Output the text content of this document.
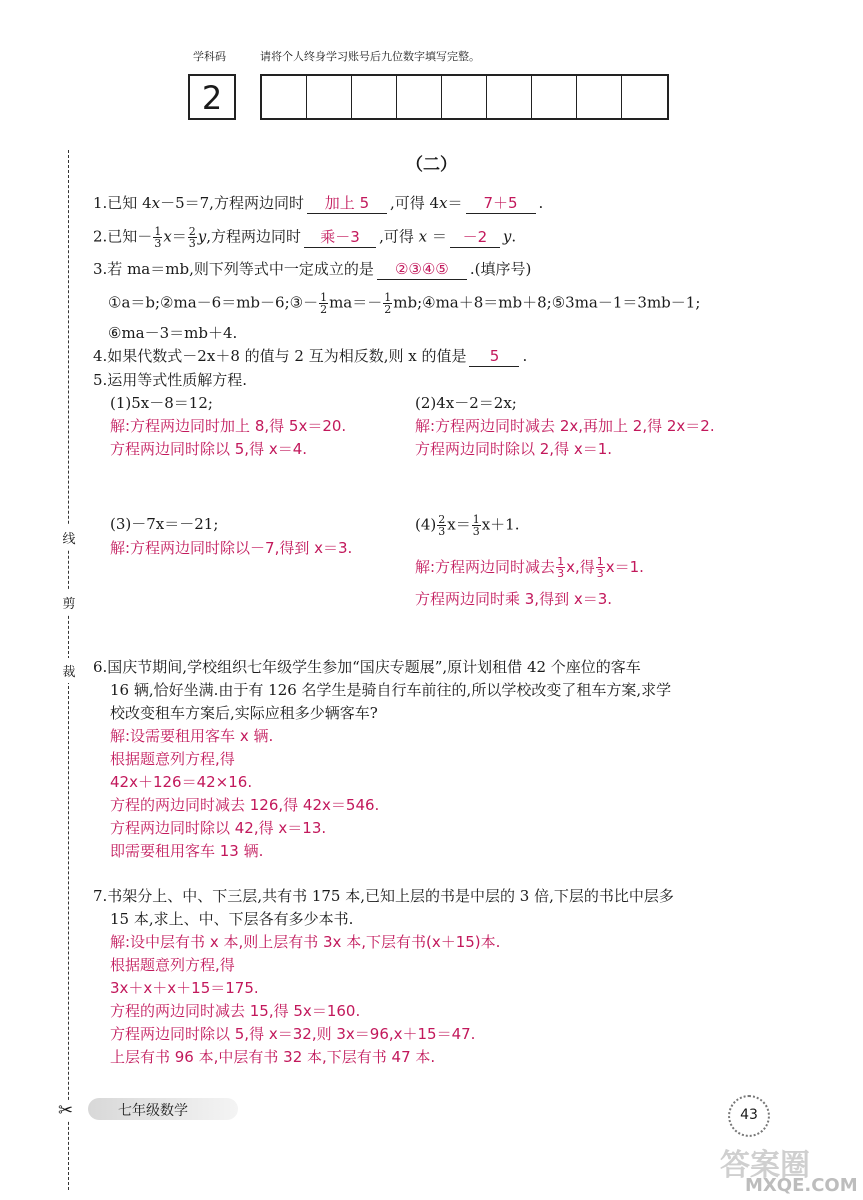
学科码	请将个人终身学习账号后九位数字填写完整。
2
线
剪
裁
✂
（二）
1.已知 4x－5＝7,方程两边同时 加上 5 ,可得 4x＝ 7＋5 .
2.已知－ $\frac{1}{3} x= \frac{2}{3} y$,方程两边同时 乘－3 ,可得 x ＝ －2 y.
3.若 ma＝mb,则下列等式中一定成立的是 ②③④⑤ .(填序号)
①a＝b;②ma－6＝mb－6;③－ $\frac{1}{2} ma=- \frac{1}{2}$ mb;④ma＋8＝mb＋8;⑤3ma－1＝3mb－1;
⑥ma－3＝mb＋4.
4.如果代数式－2x＋8 的值与 2 互为相反数,则 x 的值是 5 .
5.运用等式性质解方程.
(1)5x－8＝12;
解:方程两边同时加上 8,得 5x＝20.
方程两边同时除以 5,得 x＝4.
(2)4x－2＝2x;
解:方程两边同时减去 2x,再加上 2,得 2x＝2.
方程两边同时除以 2,得 x＝1.
(3)－7x＝－21;
解:方程两边同时除以－7,得到 x＝3.
$(4) \frac{2}{3} x= \frac{1}{3} x+1$.
解:方程两边同时减去 $\frac{1}{3} x$,得 $\frac{1}{3} x=1$.
方程两边同时乘 3,得到 x＝3.
6.国庆节期间,学校组织七年级学生参加“国庆专题展”,原计划租借 42 个座位的客车
16 辆,恰好坐满.由于有 126 名学生是骑自行车前往的,所以学校改变了租车方案,求学
校改变租车方案后,实际应租多少辆客车?
解:设需要租用客车 x 辆.
根据题意列方程,得
42x＋126＝42×16.
方程的两边同时减去 126,得 42x＝546.
方程两边同时除以 42,得 x＝13.
即需要租用客车 13 辆.
7.书架分上、中、下三层,共有书 175 本,已知上层的书是中层的 3 倍,下层的书比中层多
15 本,求上、中、下层各有多少本书.
解:设中层有书 x 本,则上层有书 3x 本,下层有书(x＋15)本.
根据题意列方程,得
3x＋x＋x＋15＝175.
方程的两边同时减去 15,得 5x＝160.
方程两边同时除以 5,得 x＝32,则 3x＝96,x＋15＝47.
上层有书 96 本,中层有书 32 本,下层有书 47 本.
七年级数学	43
答案圈
MXQE.COM
